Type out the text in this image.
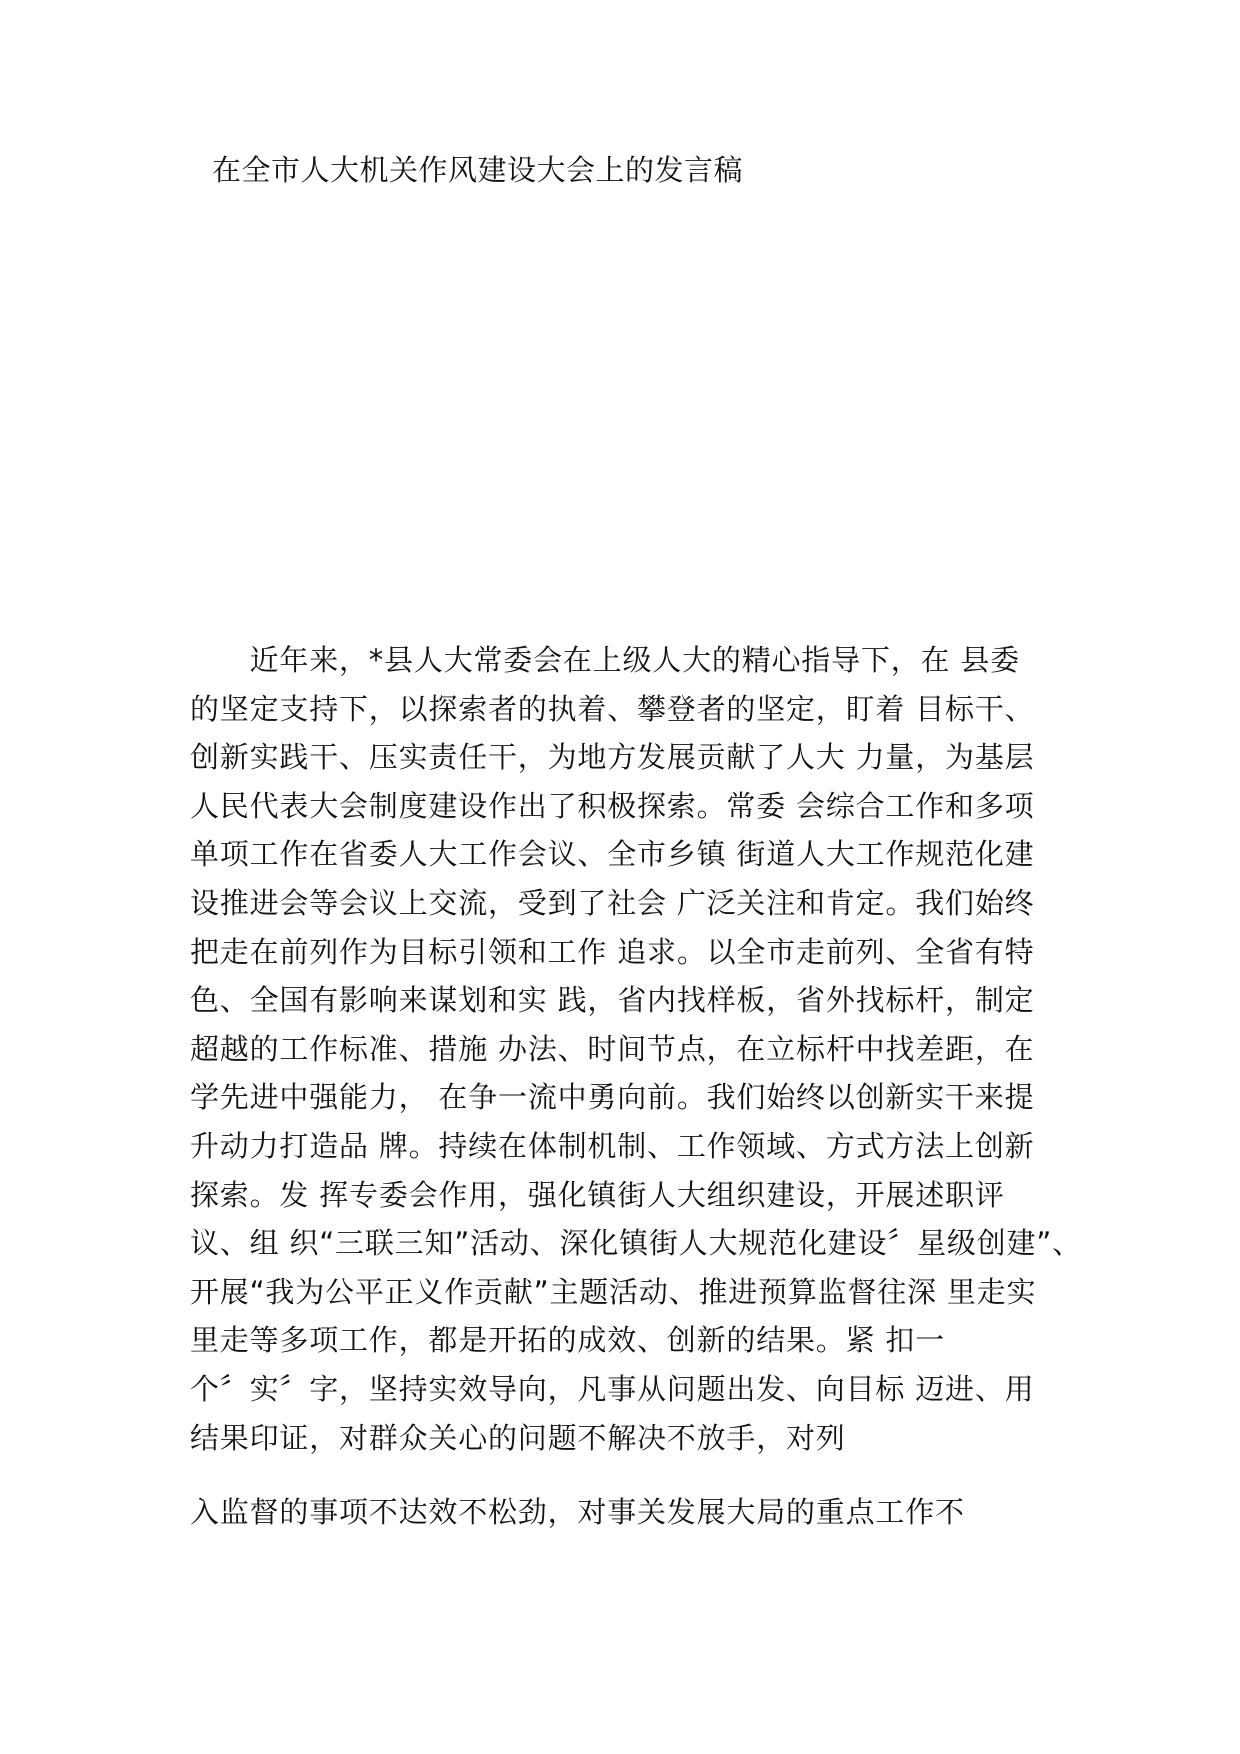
在全市人大机关作风建设大会上的发言稿
　　近年来，*县人大常委会在上级人大的精心指导下，在 县委
的坚定支持下，以探索者的执着、攀登者的坚定，盯着 目标干、
创新实践干、压实责任干，为地方发展贡献了人大 力量，为基层
人民代表大会制度建设作出了积极探索。常委 会综合工作和多项
单项工作在省委人大工作会议、全市乡镇 街道人大工作规范化建
设推进会等会议上交流，受到了社会 广泛关注和肯定。我们始终
把走在前列作为目标引领和工作 追求。以全市走前列、全省有特
色、全国有影响来谋划和实 践，省内找样板，省外找标杆，制定
超越的工作标准、措施 办法、时间节点，在立标杆中找差距，在
学先进中强能力， 在争一流中勇向前。我们始终以创新实干来提
升动力打造品 牌。持续在体制机制、工作领域、方式方法上创新
探索。发 挥专委会作用，强化镇街人大组织建设，开展述职评
议、组 织“三联三知”活动、深化镇街人大规范化建设〞星级创建”、
开展“我为公平正义作贡献”主题活动、推进预算监督往深 里走实
里走等多项工作，都是开拓的成效、创新的结果。紧 扣一
个〞实〞字，坚持实效导向，凡事从问题出发、向目标 迈进、用
结果印证，对群众关心的问题不解决不放手，对列
入监督的事项不达效不松劲，对事关发展大局的重点工作不
